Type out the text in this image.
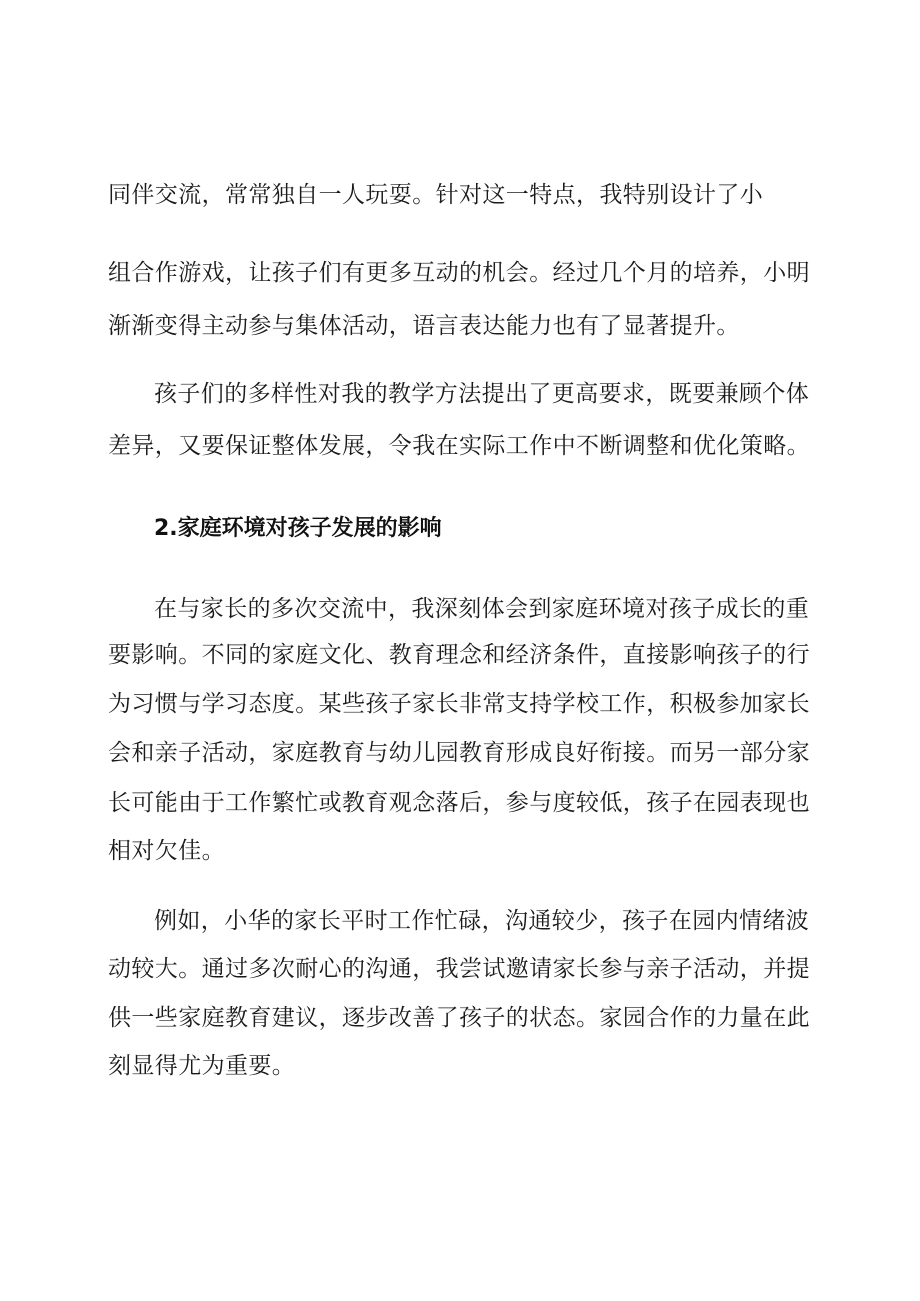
同伴交流，常常独自一人玩耍。针对这一特点，我特别设计了小
组合作游戏，让孩子们有更多互动的机会。经过几个月的培养，小明
渐渐变得主动参与集体活动，语言表达能力也有了显著提升。
孩子们的多样性对我的教学方法提出了更高要求，既要兼顾个体
差异，又要保证整体发展，令我在实际工作中不断调整和优化策略。
2.家庭环境对孩子发展的影响
在与家长的多次交流中，我深刻体会到家庭环境对孩子成长的重
要影响。不同的家庭文化、教育理念和经济条件，直接影响孩子的行
为习惯与学习态度。某些孩子家长非常支持学校工作，积极参加家长
会和亲子活动，家庭教育与幼儿园教育形成良好衔接。而另一部分家
长可能由于工作繁忙或教育观念落后，参与度较低，孩子在园表现也
相对欠佳。
例如，小华的家长平时工作忙碌，沟通较少，孩子在园内情绪波
动较大。通过多次耐心的沟通，我尝试邀请家长参与亲子活动，并提
供一些家庭教育建议，逐步改善了孩子的状态。家园合作的力量在此
刻显得尤为重要。
